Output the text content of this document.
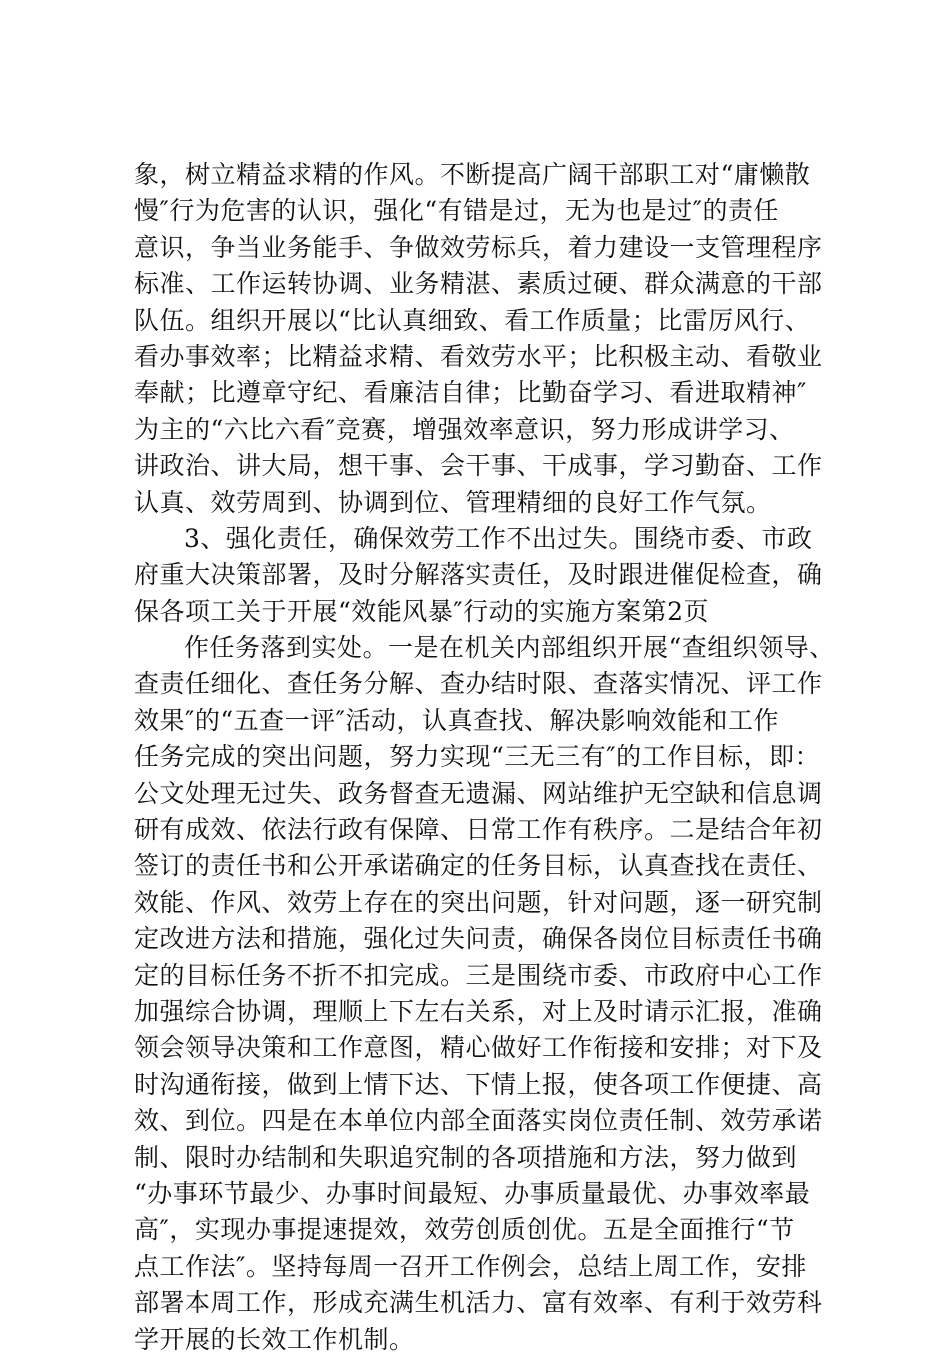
象，树立精益求精的作风。不断提高广阔干部职工对“庸懒散
慢″行为危害的认识，强化“有错是过，无为也是过″的责任
意识，争当业务能手、争做效劳标兵，着力建设一支管理程序
标准、工作运转协调、业务精湛、素质过硬、群众满意的干部
队伍。组织开展以“比认真细致、看工作质量；比雷厉风行、
看办事效率；比精益求精、看效劳水平；比积极主动、看敬业
奉献；比遵章守纪、看廉洁自律；比勤奋学习、看进取精神″
为主的“六比六看″竞赛，增强效率意识，努力形成讲学习、
讲政治、讲大局，想干事、会干事、干成事，学习勤奋、工作
认真、效劳周到、协调到位、管理精细的良好工作气氛。
3、强化责任，确保效劳工作不出过失。围绕市委、市政
府重大决策部署，及时分解落实责任，及时跟进催促检查，确
保各项工关于开展“效能风暴″行动的实施方案第2页
作任务落到实处。一是在机关内部组织开展“查组织领导、
查责任细化、查任务分解、查办结时限、查落实情况、评工作
效果″的“五查一评″活动，认真查找、解决影响效能和工作
任务完成的突出问题，努力实现“三无三有″的工作目标，即：
公文处理无过失、政务督查无遗漏、网站维护无空缺和信息调
研有成效、依法行政有保障、日常工作有秩序。二是结合年初
签订的责任书和公开承诺确定的任务目标，认真查找在责任、
效能、作风、效劳上存在的突出问题，针对问题，逐一研究制
定改进方法和措施，强化过失问责，确保各岗位目标责任书确
定的目标任务不折不扣完成。三是围绕市委、市政府中心工作
加强综合协调，理顺上下左右关系，对上及时请示汇报，准确
领会领导决策和工作意图，精心做好工作衔接和安排；对下及
时沟通衔接，做到上情下达、下情上报，使各项工作便捷、高
效、到位。四是在本单位内部全面落实岗位责任制、效劳承诺
制、限时办结制和失职追究制的各项措施和方法，努力做到
“办事环节最少、办事时间最短、办事质量最优、办事效率最
高″，实现办事提速提效，效劳创质创优。五是全面推行“节
点工作法″。坚持每周一召开工作例会，总结上周工作，安排
部署本周工作，形成充满生机活力、富有效率、有利于效劳科
学开展的长效工作机制。
